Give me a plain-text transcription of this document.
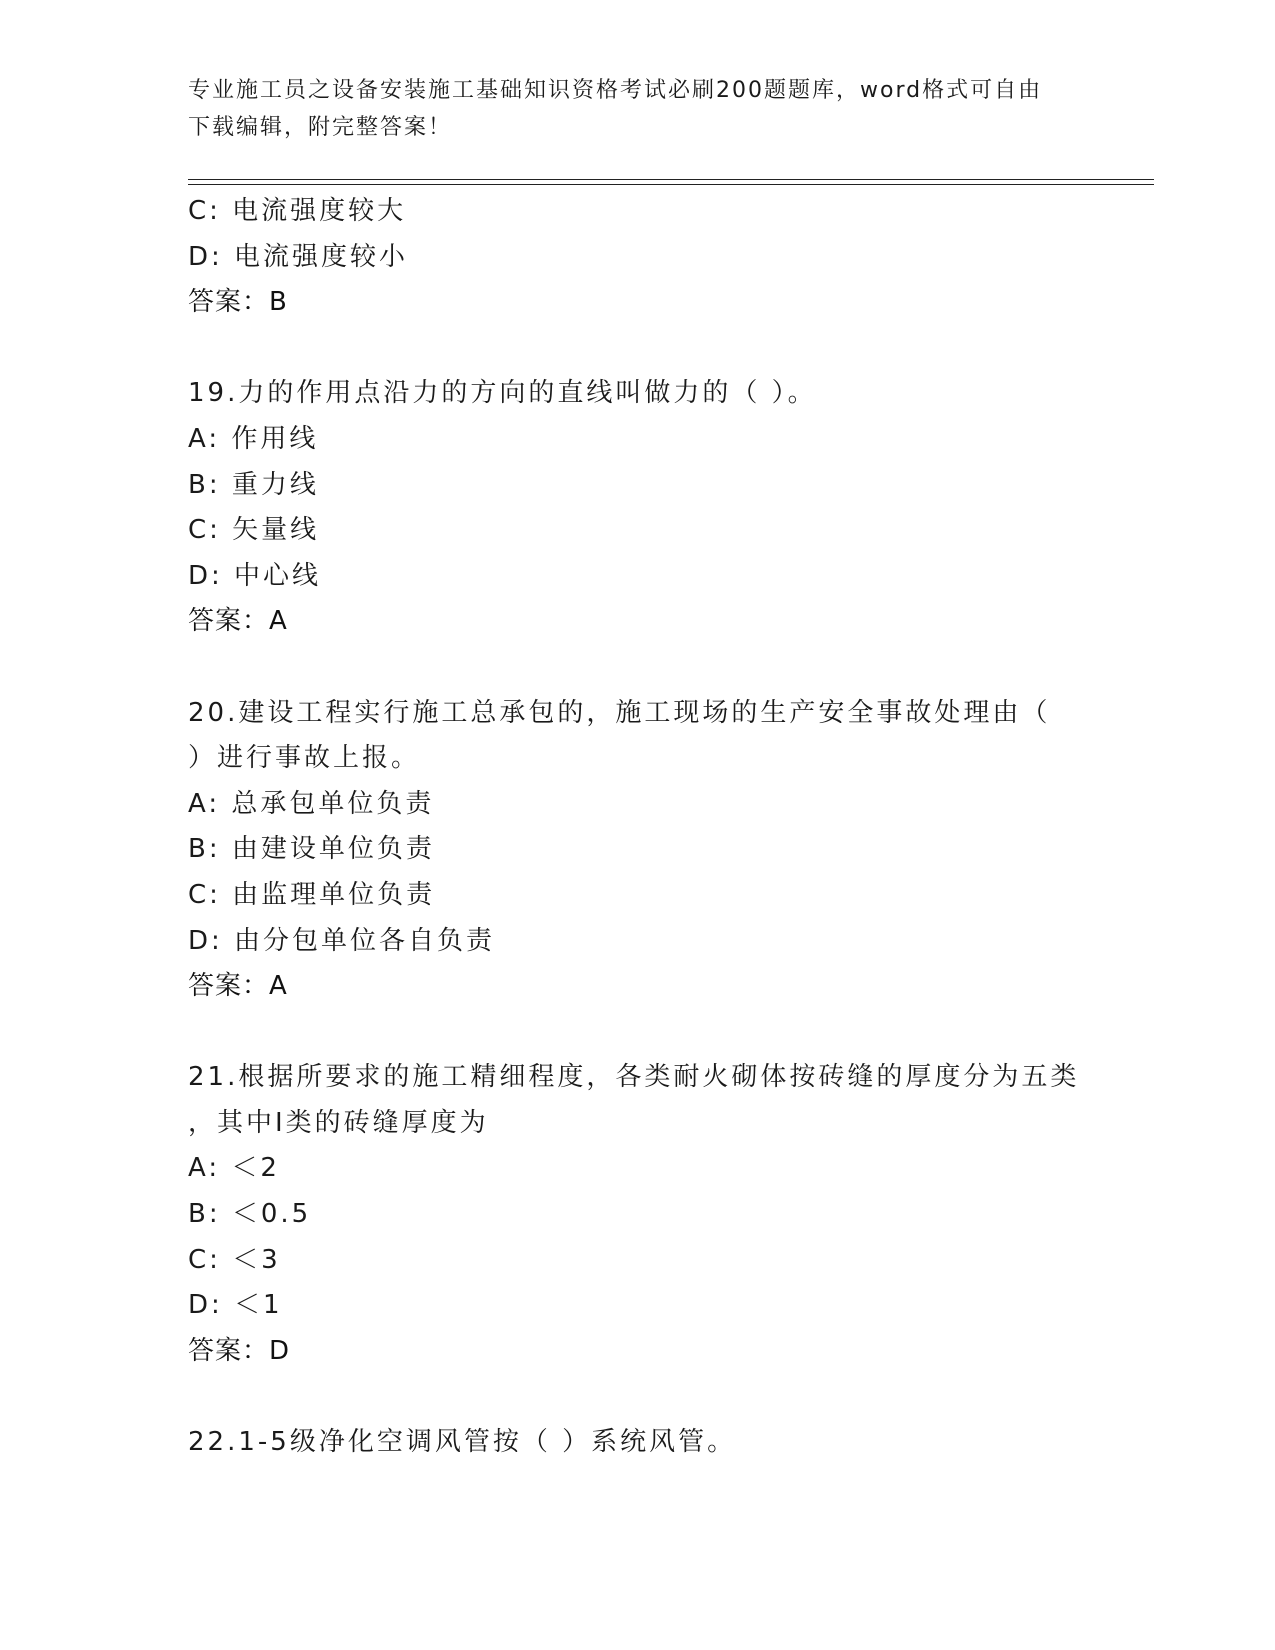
专业施工员之设备安装施工基础知识资格考试必刷200题题库，word格式可自由
下载编辑，附完整答案！
C: 电流强度较大
D: 电流强度较小
答案：B
19.力的作用点沿力的方向的直线叫做力的（ ）。
A: 作用线
B: 重力线
C: 矢量线
D: 中心线
答案：A
20.建设工程实行施工总承包的，施工现场的生产安全事故处理由（
）进行事故上报。
A: 总承包单位负责
B: 由建设单位负责
C: 由监理单位负责
D: 由分包单位各自负责
答案：A
21.根据所要求的施工精细程度，各类耐火砌体按砖缝的厚度分为五类
，其中I类的砖缝厚度为
A: ＜2
B: ＜0.5
C: ＜3
D: ＜1
答案：D
22.1-5级净化空调风管按（ ）系统风管。
